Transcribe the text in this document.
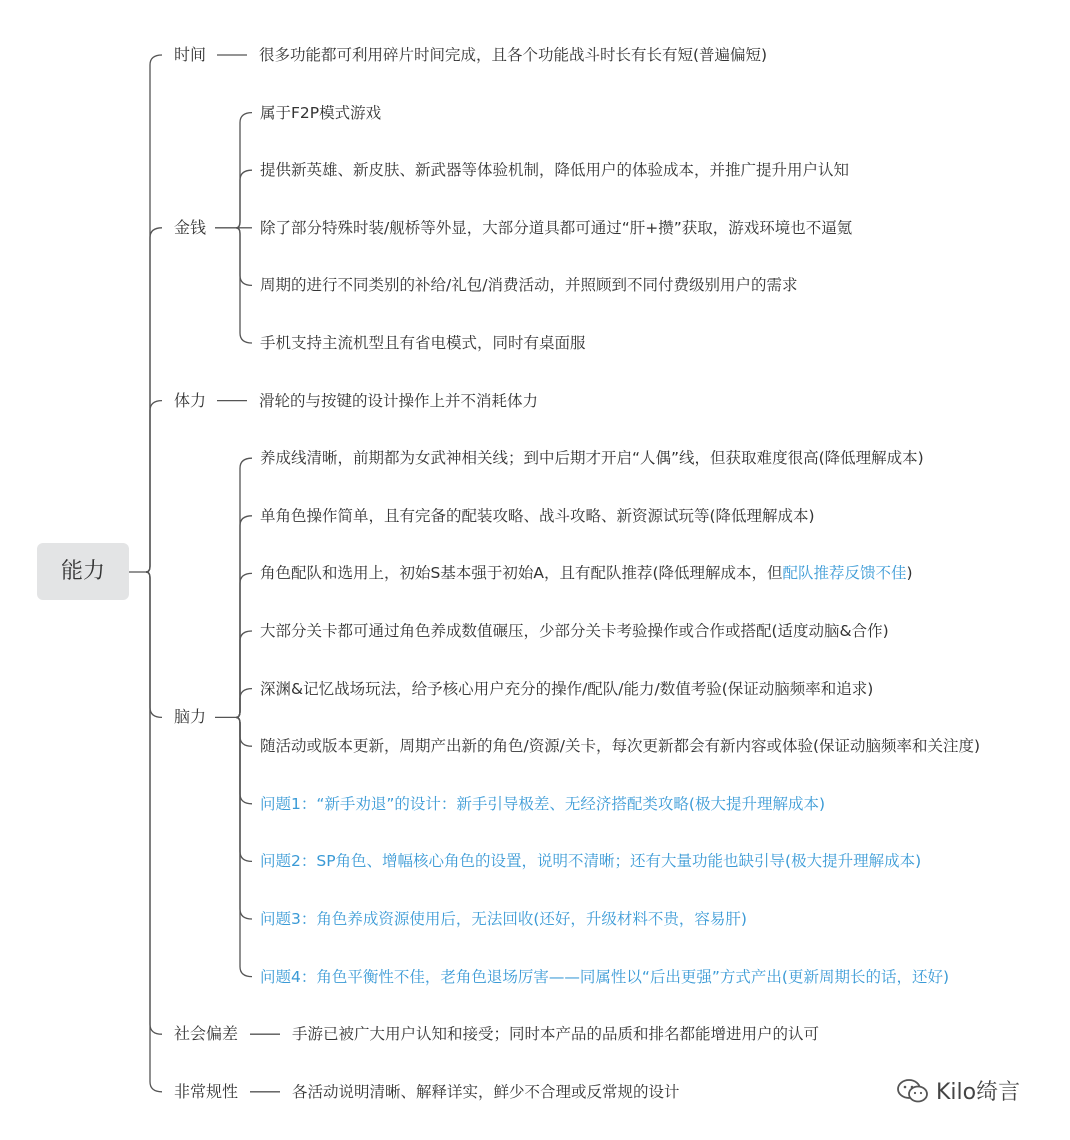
能力
时间	很多功能都可利用碎片时间完成，且各个功能战斗时长有长有短(普遍偏短)
金钱
属于F2P模式游戏
提供新英雄、新皮肤、新武器等体验机制，降低用户的体验成本，并推广提升用户认知
除了部分特殊时装/舰桥等外显，大部分道具都可通过“肝+攒”获取，游戏环境也不逼氪
周期的进行不同类别的补给/礼包/消费活动，并照顾到不同付费级别用户的需求
手机支持主流机型且有省电模式，同时有桌面服
体力	滑轮的与按键的设计操作上并不消耗体力
脑力
养成线清晰，前期都为女武神相关线；到中后期才开启“人偶”线，但获取难度很高(降低理解成本)
单角色操作简单，且有完备的配装攻略、战斗攻略、新资源试玩等(降低理解成本)
角色配队和选用上，初始S基本强于初始A，且有配队推荐(降低理解成本，但配队推荐反馈不佳)
大部分关卡都可通过角色养成数值碾压，少部分关卡考验操作或合作或搭配(适度动脑&合作)
深渊&记忆战场玩法，给予核心用户充分的操作/配队/能力/数值考验(保证动脑频率和追求)
随活动或版本更新，周期产出新的角色/资源/关卡，每次更新都会有新内容或体验(保证动脑频率和关注度)
问题1：“新手劝退”的设计：新手引导极差、无经济搭配类攻略(极大提升理解成本)
问题2：SP角色、增幅核心角色的设置，说明不清晰；还有大量功能也缺引导(极大提升理解成本)
问题3：角色养成资源使用后，无法回收(还好，升级材料不贵，容易肝)
问题4：角色平衡性不佳，老角色退场厉害——同属性以“后出更强”方式产出(更新周期长的话，还好)
社会偏差	手游已被广大用户认知和接受；同时本产品的品质和排名都能增进用户的认可
非常规性	各活动说明清晰、解释详实，鲜少不合理或反常规的设计	Kilo绮言
